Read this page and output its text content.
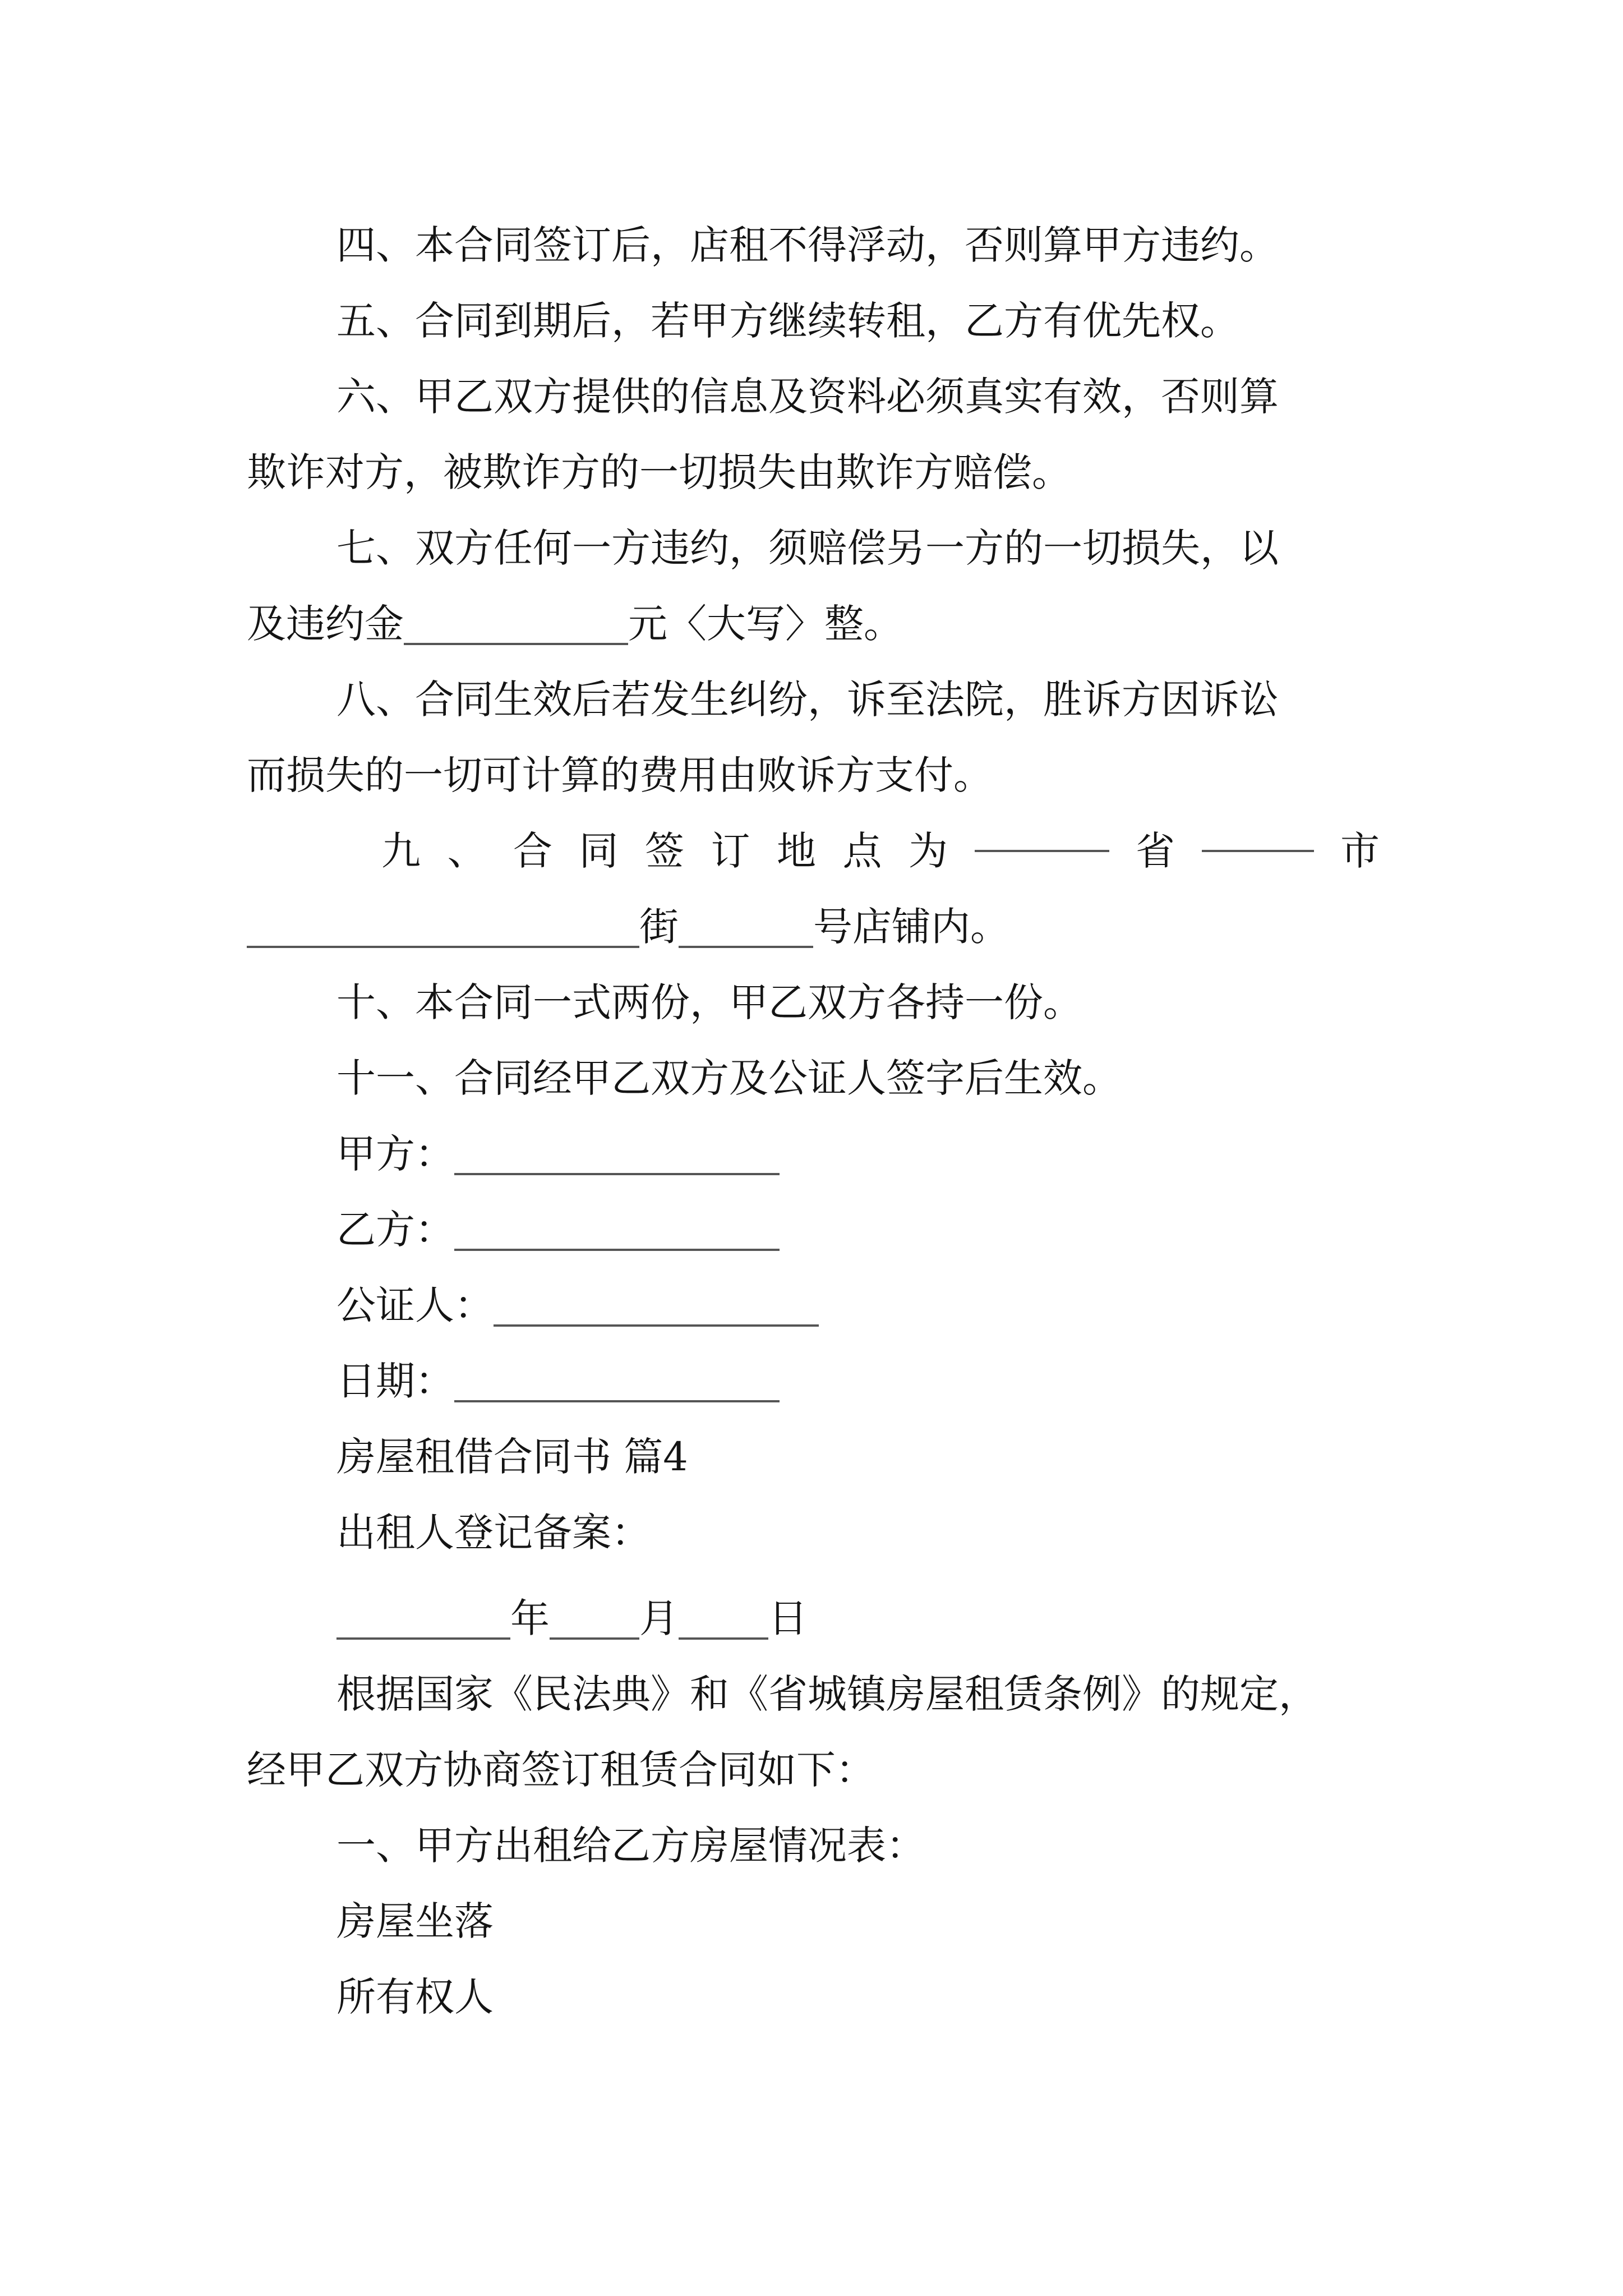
四、本合同签订后，店租不得浮动，否则算甲方违约。
五、合同到期后，若甲方继续转租，乙方有优先权。
六、甲乙双方提供的信息及资料必须真实有效，否则算
欺诈对方，被欺诈方的一切损失由欺诈方赔偿。
七、双方任何一方违约，须赔偿另一方的一切损失，以
及违约金	元〈大写〉整。
八、合同生效后若发生纠纷，诉至法院，胜诉方因诉讼
而损失的一切可计算的费用由败诉方支付。
九 、 合 同 签 订 地 点 为	省	市
街	号店铺内。
十、本合同一式两份，甲乙双方各持一份。
十一、合同经甲乙双方及公证人签字后生效。
甲方：
乙方：
公证人：
日期：
房屋租借合同书 篇4
出租人登记备案：
年 月 日
根据国家《民法典》和《省城镇房屋租赁条例》的规定，
经甲乙双方协商签订租赁合同如下：
一、甲方出租给乙方房屋情况表：
房屋坐落
所有权人
